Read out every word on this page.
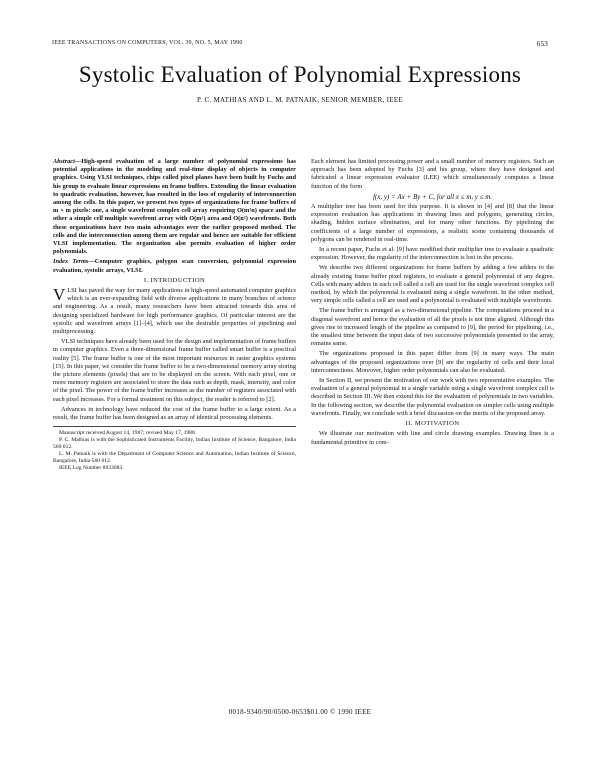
IEEE TRANSACTIONS ON COMPUTERS, VOL. 39, NO. 5, MAY 1990	653
Systolic Evaluation of Polynomial Expressions
P. C. MATHIAS AND L. M. PATNAIK, SENIOR MEMBER, IEEE

Abstract—High-speed evaluation of a large number of polynomial expressions has potential applications in the modeling and real-time display of objects in computer graphics. Using VLSI techniques, chips called pixel planes have been built by Fuchs and his group to evaluate linear expressions on frame buffers. Extending the linear evaluation to quadratic evaluation, however, has resulted in the loss of regularity of interconnection among the cells. In this paper, we present two types of organizations for frame buffers of m × m pixels: one, a single wavefront complex cell array requiring O(m²n) space and the other a simple cell multiple wavefront array with O(m²) area and O(n²) wavefronts. Both these organizations have two main advantages over the earlier proposed method. The cells and the interconnection among them are regular and hence are suitable for efficient VLSI implementation. The organization also permits evaluation of higher order polynomials.

Index Terms—Computer graphics, polygon scan conversion, polynomial expression evaluation, systolic arrays, VLSI.

I. INTRODUCTION

VLSI has paved the way for many applications in high-speed automated computer graphics which is an ever-expanding field with diverse applications in many branches of science and engineering. As a result, many researchers have been attracted towards this area of designing specialized hardware for high performance graphics. Of particular interest are the systolic and wavefront arrays [1]–[4], which use the desirable properties of pipelining and multiprocessing.

VLSI techniques have already been used for the design and implementation of frame buffers in computer graphics. Even a three-dimensional frame buffer called smart buffer is a practical reality [5]. The frame buffer is one of the most important resources in raster graphics systems [15]. In this paper, we consider the frame buffer to be a two-dimensional memory array storing the picture elements (pixels) that are to be displayed on the screen. With each pixel, one or more memory registers are associated to store the data such as depth, mask, intensity, and color of the pixel. The power of the frame buffer increases as the number of registers associated with each pixel increases. For a formal treatment on this subject, the reader is referred to [2].

Advances in technology have reduced the cost of the frame buffer to a large extent. As a result, the frame buffer has been designed as an array of identical processing elements.

Manuscript received August 14, 1987; revised May 17, 1988.
P. C. Mathias is with the Sophisticated Instruments Facility, Indian Institute of Science, Bangalore, India 560 012.
L. M. Patnaik is with the Department of Computer Science and Automation, Indian Institute of Science, Bangalore, India 560 012.
IEEE Log Number 8933683.

Each element has limited processing power and a small number of memory registers. Such an approach has been adopted by Fuchs [3] and his group, where they have designed and fabricated a linear expression evaluator (LEE) which simultaneously computes a linear function of the form

f(x, y) = Ax + By + C, for all x ≤ m, y ≤ m.

A multiplier tree has been used for this purpose. It is shown in [4] and [8] that the linear expression evaluation has applications in drawing lines and polygons, generating circles, shading, hidden surface elimination, and for many other functions. By pipelining the coefficients of a large number of expressions, a realistic scene containing thousands of polygons can be rendered in real-time.

In a recent paper, Fuchs et al. [9] have modified their multiplier tree to evaluate a quadratic expression. However, the regularity of the interconnection is lost in the process.

We describe two different organizations for frame buffers by adding a few adders to the already existing frame buffer pixel registers, to evaluate a general polynomial of any degree. Cells with many adders in each cell called a cell are used for the single wavefront complex cell method, by which the polynomial is evaluated using a single wavefront. In the other method, very simple cells called a cell are used and a polynomial is evaluated with multiple wavefronts.

The frame buffer is arranged as a two-dimensional pipeline. The computations proceed in a diagonal wavefront and hence the evaluation of all the pixels is not time aligned. Although this gives rise to increased length of the pipeline as compared to [9], the period for pipelining, i.e., the smallest time between the input data of two successive polynomials presented to the array, remains same.

The organizations proposed in this paper differ from [9] in many ways. The main advantages of the proposed organizations over [9] are the regularity of cells and their local interconnections. Moreover, higher order polynomials can also be evaluated.

In Section II, we present the motivation of our work with two representative examples. The evaluation of a general polynomial in a single variable using a single wavefront complex cell is described in Section III. We then extend this for the evaluation of polynomials in two variables. In the following section, we describe the polynomial evaluation on simpler cells using multiple wavefronts. Finally, we conclude with a brief discussion on the merits of the proposed array.

II. MOTIVATION

We illustrate our motivation with line and circle drawing examples. Drawing lines is a fundamental primitive in com-

0018-9340/90/0500-0653$01.00 © 1990 IEEE
